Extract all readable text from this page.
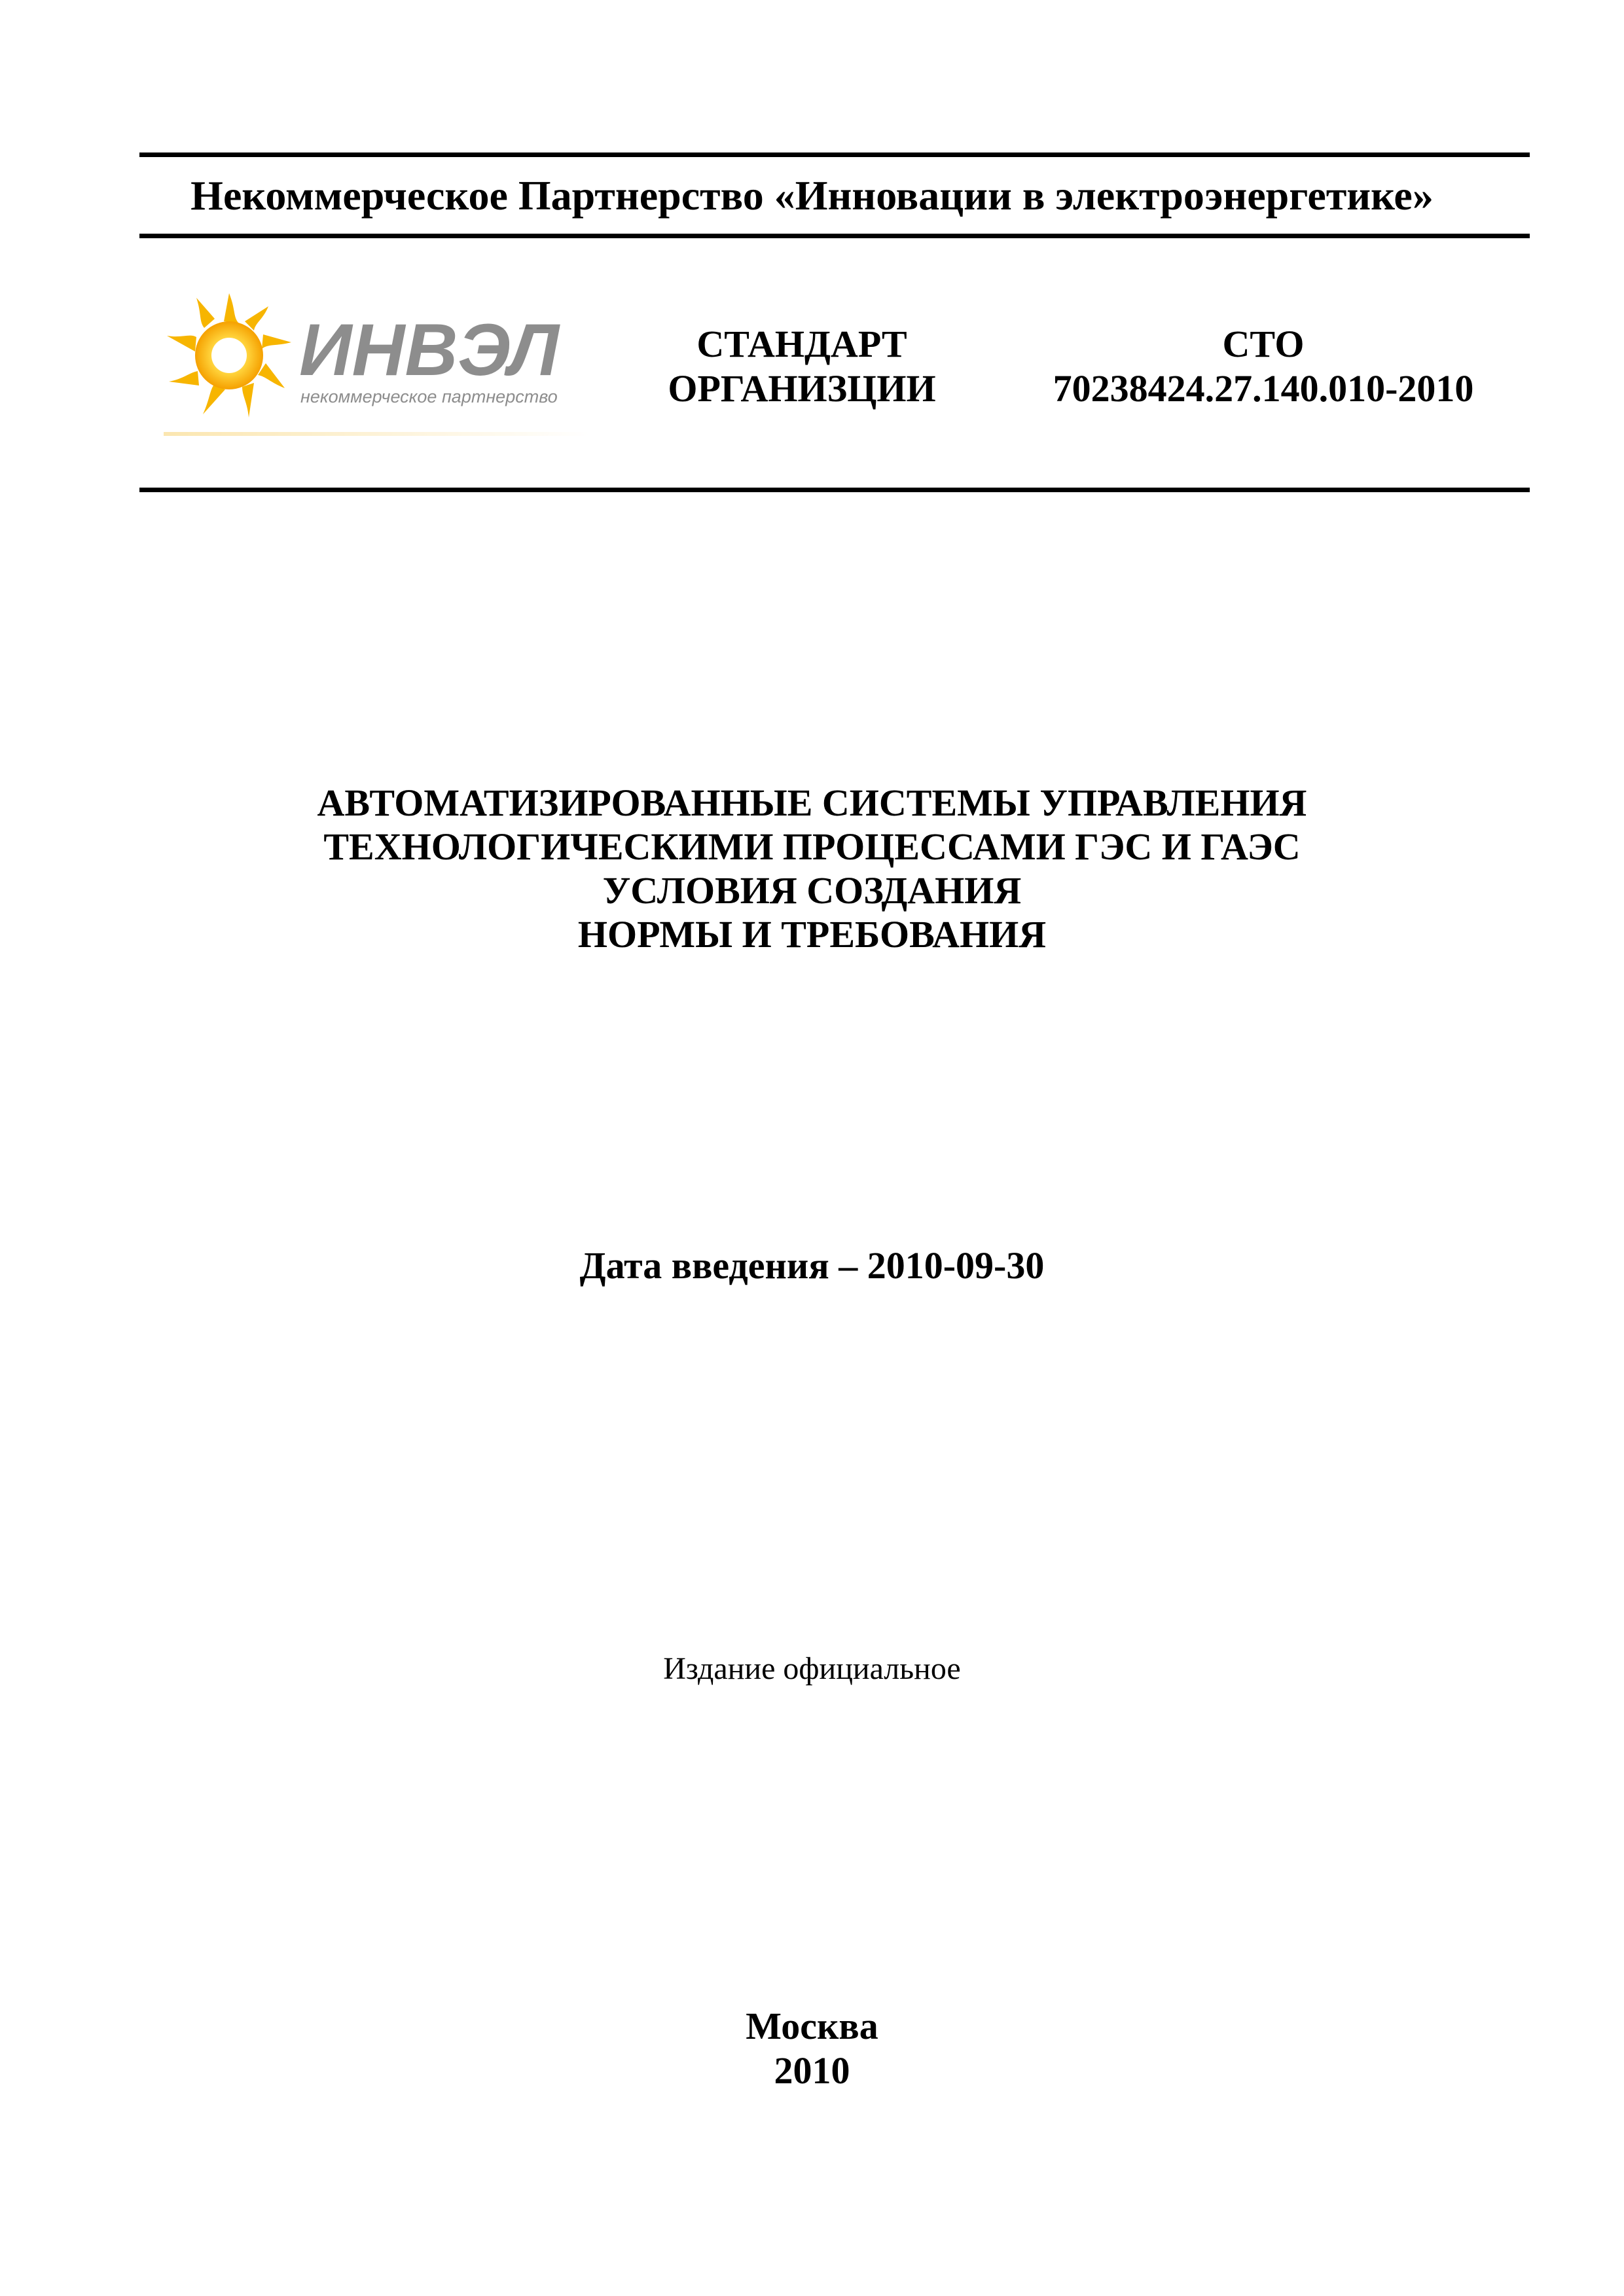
Некоммерческое Партнерство «Инновации в электроэнергетике»
ИНВЭЛ
некоммерческое партнерство
СТАНДАРТ
ОРГАНИЗЦИИ
СТО
70238424.27.140.010-2010
АВТОМАТИЗИРОВАННЫЕ СИСТЕМЫ УПРАВЛЕНИЯ
ТЕХНОЛОГИЧЕСКИМИ ПРОЦЕССАМИ ГЭС И ГАЭС
УСЛОВИЯ СОЗДАНИЯ
НОРМЫ И ТРЕБОВАНИЯ
Дата введения – 2010-09-30
Издание официальное
Москва
2010
